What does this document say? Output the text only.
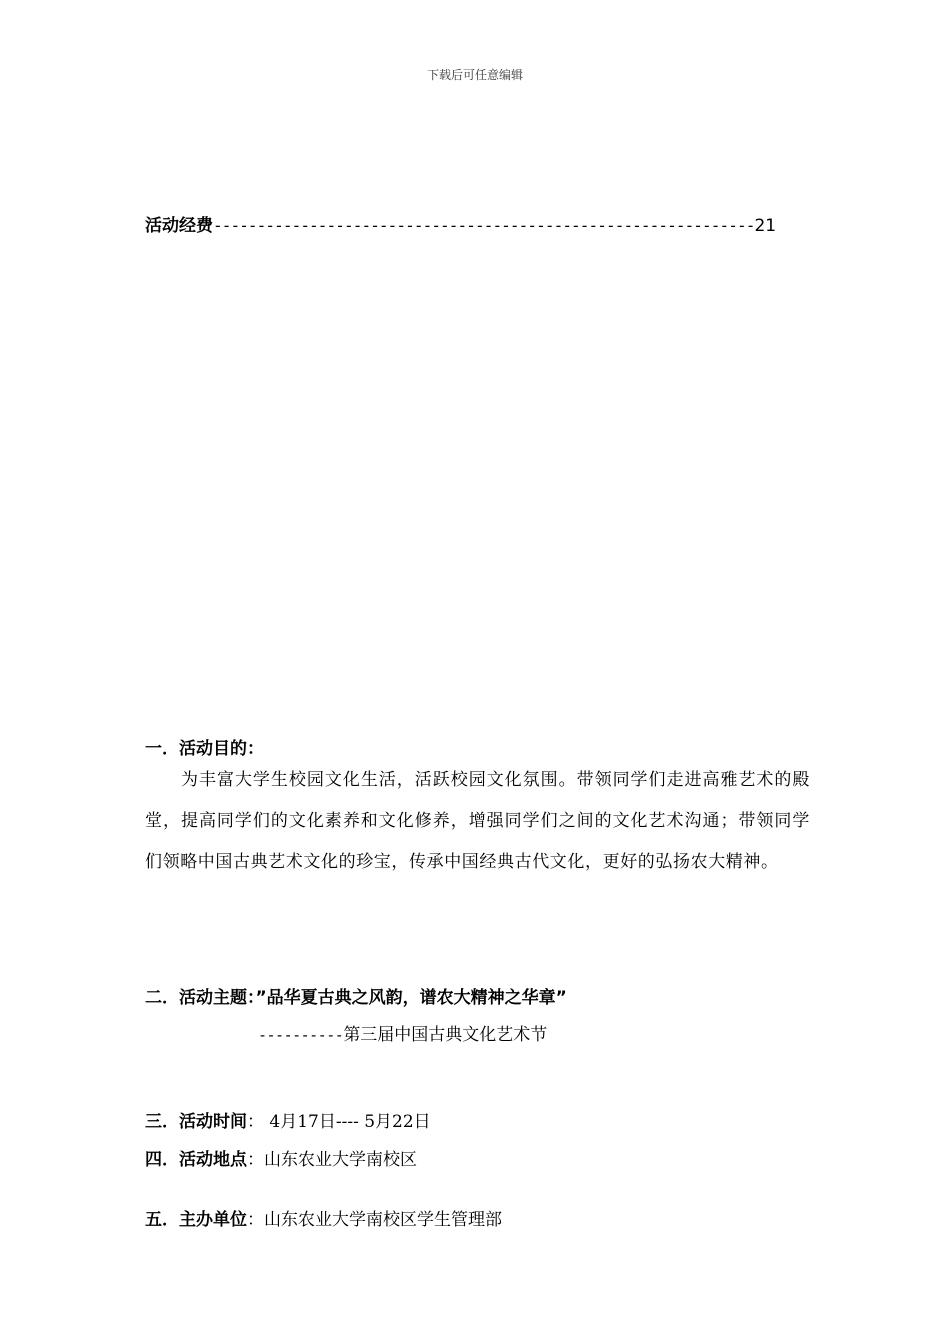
下载后可任意编辑
活动经费--------------------------------------------------------------21
一．活动目的：
为丰富大学生校园文化生活，活跃校园文化氛围。带领同学们走进高雅艺术的殿堂，提高同学们的文化素养和文化修养，增强同学们之间的文化艺术沟通；带领同学们领略中国古典艺术文化的珍宝，传承中国经典古代文化，更好的弘扬农大精神。
二．活动主题：”品华夏古典之风韵，谱农大精神之华章”
----------第三届中国古典文化艺术节
三．活动时间： 4月17日---- 5月22日
四．活动地点：山东农业大学南校区
五．主办单位：山东农业大学南校区学生管理部
